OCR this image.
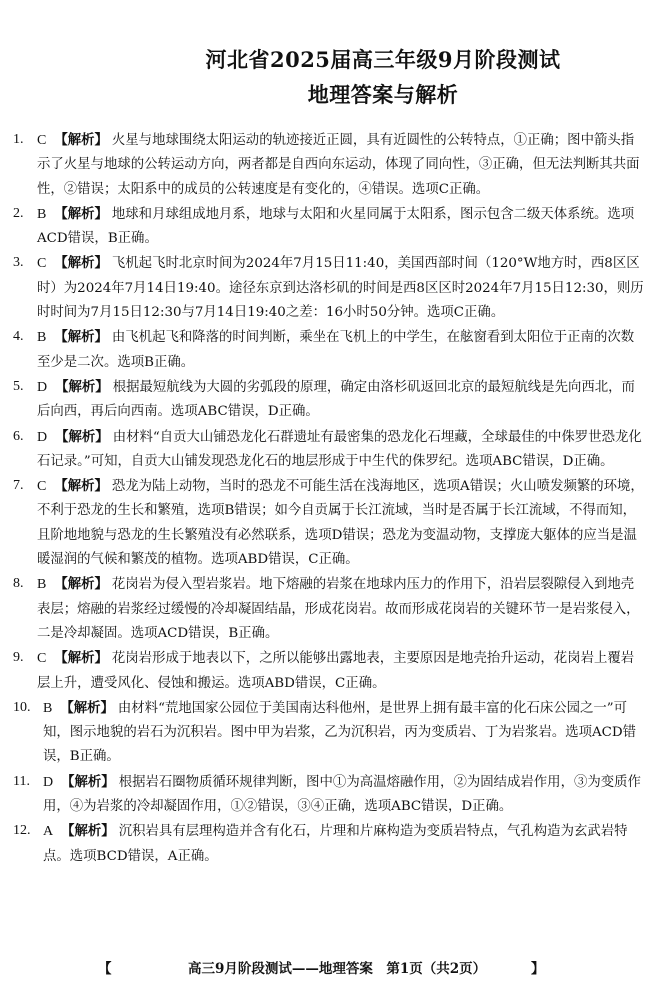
河北省2025届高三年级9月阶段测试
地理答案与解析
1. C 【解析】 火星与地球围绕太阳运动的轨迹接近正圆，具有近圆性的公转特点，①正确；图中箭头指示了火星与地球的公转运动方向，两者都是自西向东运动，体现了同向性，③正确，但无法判断其共面性，②错误；太阳系中的成员的公转速度是有变化的，④错误。选项C正确。
2. B 【解析】 地球和月球组成地月系，地球与太阳和火星同属于太阳系，图示包含二级天体系统。选项ACD错误，B正确。
3. C 【解析】 飞机起飞时北京时间为2024年7月15日11:40，美国西部时间（120°W地方时，西8区区时）为2024年7月14日19:40。途径东京到达洛杉矶的时间是西8区区时2024年7月15日12:30，则历时时间为7月15日12:30与7月14日19:40之差：16小时50分钟。选项C正确。
4. B 【解析】 由飞机起飞和降落的时间判断，乘坐在飞机上的中学生，在舷窗看到太阳位于正南的次数至少是二次。选项B正确。
5. D 【解析】 根据最短航线为大圆的劣弧段的原理，确定由洛杉矶返回北京的最短航线是先向西北，而后向西，再后向西南。选项ABC错误，D正确。
6. D 【解析】 由材料“自贡大山铺恐龙化石群遗址有最密集的恐龙化石埋藏，全球最佳的中侏罗世恐龙化石记录。”可知，自贡大山铺发现恐龙化石的地层形成于中生代的侏罗纪。选项ABC错误，D正确。
7. C 【解析】 恐龙为陆上动物，当时的恐龙不可能生活在浅海地区，选项A错误；火山喷发频繁的环境，不利于恐龙的生长和繁殖，选项B错误；如今自贡属于长江流域，当时是否属于长江流域，不得而知，且阶地地貌与恐龙的生长繁殖没有必然联系，选项D错误；恐龙为变温动物，支撑庞大躯体的应当是温暖湿润的气候和繁茂的植物。选项ABD错误，C正确。
8. B 【解析】 花岗岩为侵入型岩浆岩。地下熔融的岩浆在地球内压力的作用下，沿岩层裂隙侵入到地壳表层；熔融的岩浆经过缓慢的冷却凝固结晶，形成花岗岩。故而形成花岗岩的关键环节一是岩浆侵入，二是冷却凝固。选项ACD错误，B正确。
9. C 【解析】 花岗岩形成于地表以下，之所以能够出露地表，主要原因是地壳抬升运动，花岗岩上覆岩层上升，遭受风化、侵蚀和搬运。选项ABD错误，C正确。
10. B 【解析】 由材料“荒地国家公园位于美国南达科他州，是世界上拥有最丰富的化石床公园之一”可知，图示地貌的岩石为沉积岩。图中甲为岩浆，乙为沉积岩，丙为变质岩、丁为岩浆岩。选项ACD错误，B正确。
11. D 【解析】 根据岩石圈物质循环规律判断，图中①为高温熔融作用，②为固结成岩作用，③为变质作用，④为岩浆的冷却凝固作用，①②错误，③④正确，选项ABC错误，D正确。
12. A 【解析】 沉积岩具有层理构造并含有化石，片理和片麻构造为变质岩特点，气孔构造为玄武岩特点。选项BCD错误，A正确。
【	高三9月阶段测试——地理答案　第1页（共2页）	】
